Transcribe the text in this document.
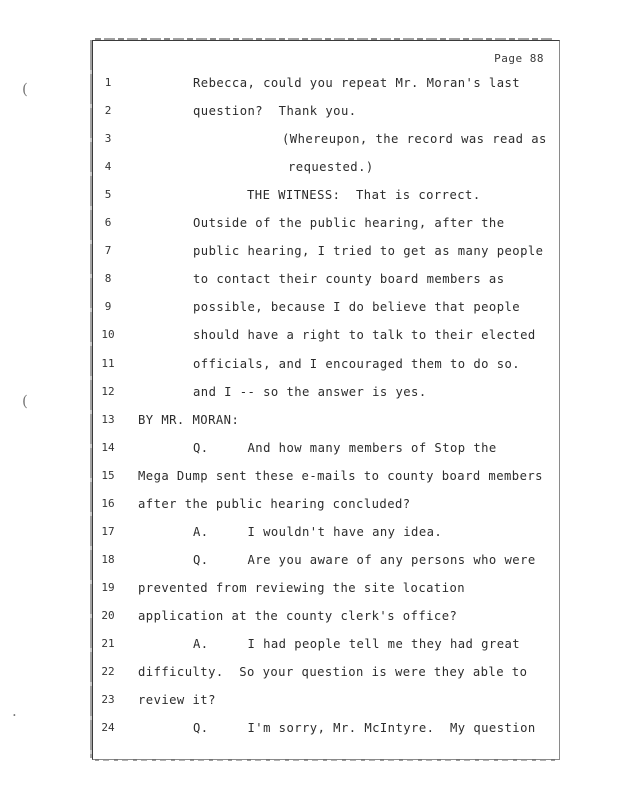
(
(
.
Page 88
1	Rebecca, could you repeat Mr. Moran's last
2	question?  Thank you.
3	(Whereupon, the record was read as
4	requested.)
5	THE WITNESS:  That is correct.
6	Outside of the public hearing, after the
7	public hearing, I tried to get as many people
8	to contact their county board members as
9	possible, because I do believe that people
10	should have a right to talk to their elected
11	officials, and I encouraged them to do so.
12	and I -- so the answer is yes.
13	BY MR. MORAN:
14	Q.     And how many members of Stop the
15	Mega Dump sent these e-mails to county board members
16	after the public hearing concluded?
17	A.     I wouldn't have any idea.
18	Q.     Are you aware of any persons who were
19	prevented from reviewing the site location
20	application at the county clerk's office?
21	A.     I had people tell me they had great
22	difficulty.  So your question is were they able to
23	review it?
24	Q.     I'm sorry, Mr. McIntyre.  My question
